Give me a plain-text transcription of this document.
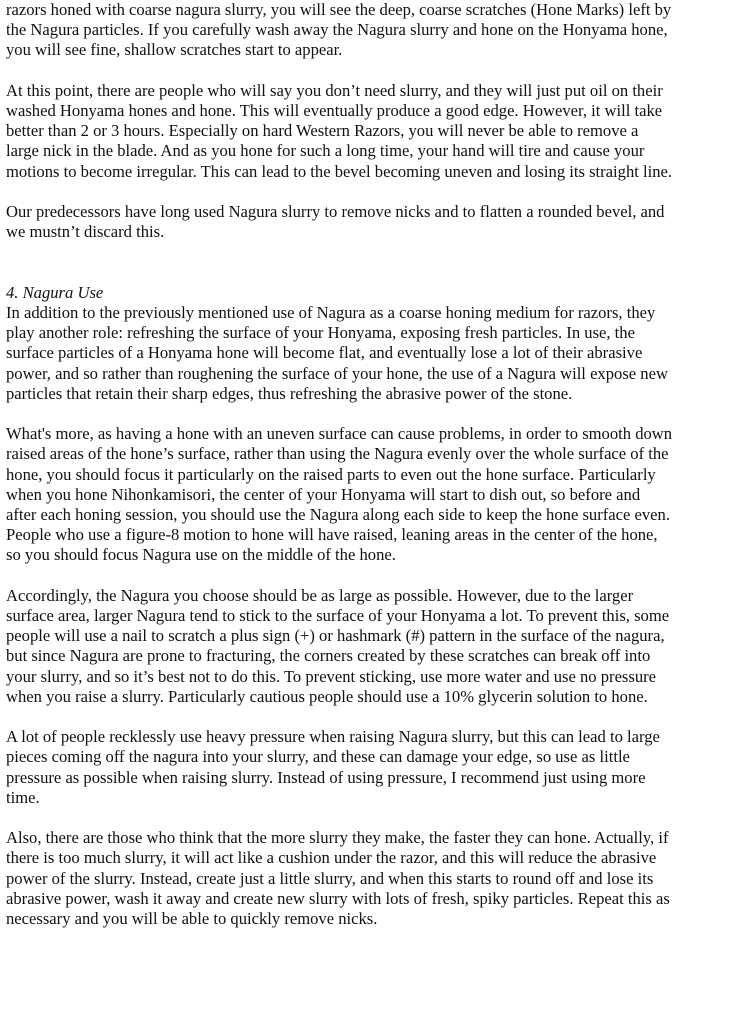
razors honed with coarse nagura slurry, you will see the deep, coarse scratches (Hone Marks) left by
the Nagura particles. If you carefully wash away the Nagura slurry and hone on the Honyama hone,
you will see fine, shallow scratches start to appear.

At this point, there are people who will say you don’t need slurry, and they will just put oil on their
washed Honyama hones and hone. This will eventually produce a good edge. However, it will take
better than 2 or 3 hours. Especially on hard Western Razors, you will never be able to remove a
large nick in the blade. And as you hone for such a long time, your hand will tire and cause your
motions to become irregular. This can lead to the bevel becoming uneven and losing its straight line.

Our predecessors have long used Nagura slurry to remove nicks and to flatten a rounded bevel, and
we mustn’t discard this.

4. Nagura Use

In addition to the previously mentioned use of Nagura as a coarse honing medium for razors, they
play another role: refreshing the surface of your Honyama, exposing fresh particles. In use, the
surface particles of a Honyama hone will become flat, and eventually lose a lot of their abrasive
power, and so rather than roughening the surface of your hone, the use of a Nagura will expose new
particles that retain their sharp edges, thus refreshing the abrasive power of the stone.

What's more, as having a hone with an uneven surface can cause problems, in order to smooth down
raised areas of the hone’s surface, rather than using the Nagura evenly over the whole surface of the
hone, you should focus it particularly on the raised parts to even out the hone surface. Particularly
when you hone Nihonkamisori, the center of your Honyama will start to dish out, so before and
after each honing session, you should use the Nagura along each side to keep the hone surface even.
People who use a figure-8 motion to hone will have raised, leaning areas in the center of the hone,
so you should focus Nagura use on the middle of the hone.

Accordingly, the Nagura you choose should be as large as possible. However, due to the larger
surface area, larger Nagura tend to stick to the surface of your Honyama a lot. To prevent this, some
people will use a nail to scratch a plus sign (+) or hashmark (#) pattern in the surface of the nagura,
but since Nagura are prone to fracturing, the corners created by these scratches can break off into
your slurry, and so it’s best not to do this. To prevent sticking, use more water and use no pressure
when you raise a slurry. Particularly cautious people should use a 10% glycerin solution to hone.

A lot of people recklessly use heavy pressure when raising Nagura slurry, but this can lead to large
pieces coming off the nagura into your slurry, and these can damage your edge, so use as little
pressure as possible when raising slurry. Instead of using pressure, I recommend just using more
time.

Also, there are those who think that the more slurry they make, the faster they can hone. Actually, if
there is too much slurry, it will act like a cushion under the razor, and this will reduce the abrasive
power of the slurry. Instead, create just a little slurry, and when this starts to round off and lose its
abrasive power, wash it away and create new slurry with lots of fresh, spiky particles. Repeat this as
necessary and you will be able to quickly remove nicks.
